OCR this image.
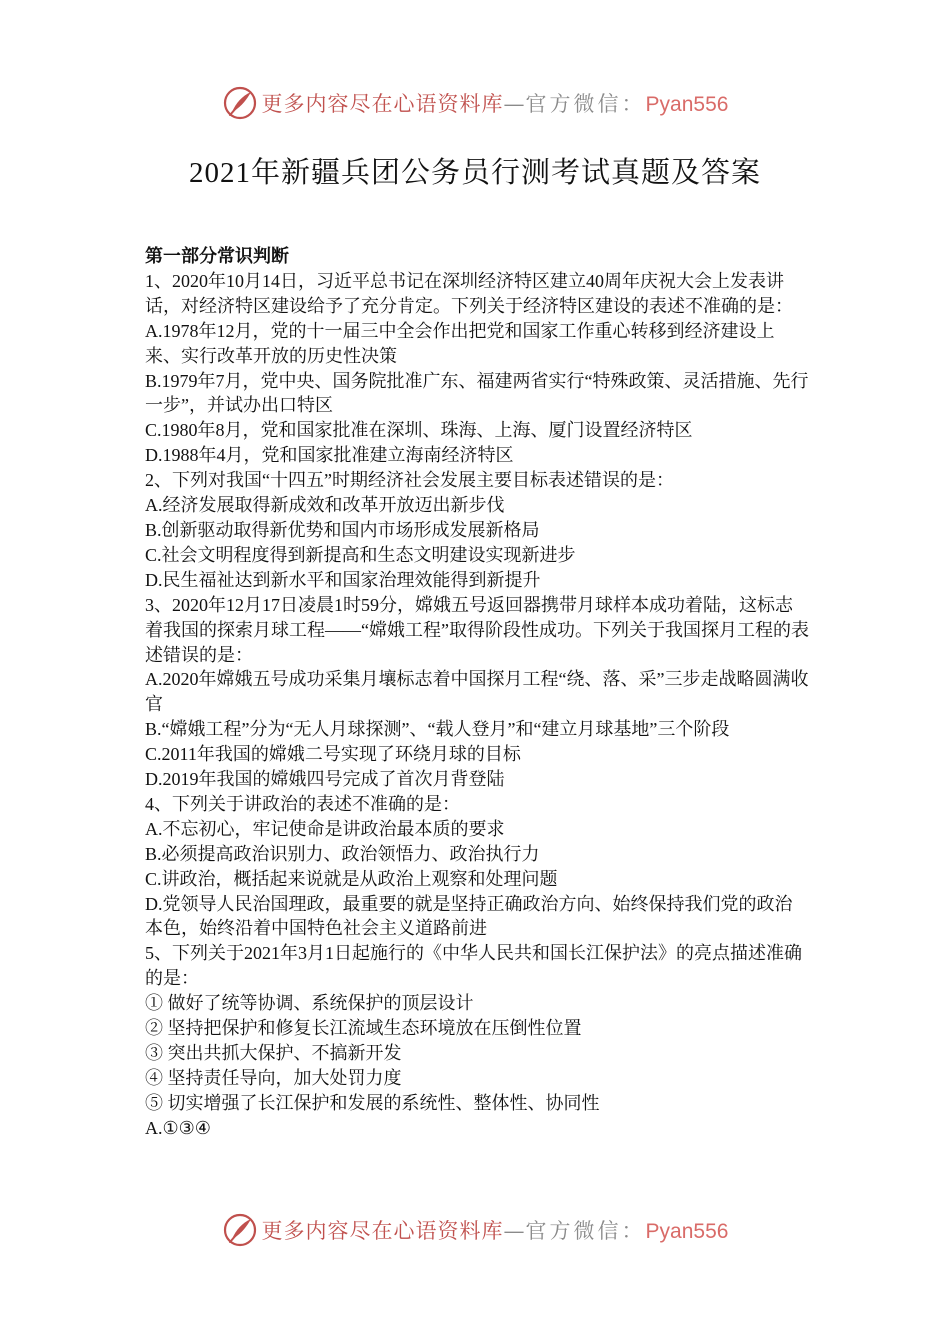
更多内容尽在心语资料库—官方微信：Pyan556
2021年新疆兵团公务员行测考试真题及答案

第一部分常识判断

1、2020年10月14日，习近平总书记在深圳经济特区建立40周年庆祝大会上发表讲话，对经济特区建设给予了充分肯定。下列关于经济特区建设的表述不准确的是：

A.1978年12月，党的十一届三中全会作出把党和国家工作重心转移到经济建设上来、实行改革开放的历史性决策

B.1979年7月，党中央、国务院批准广东、福建两省实行“特殊政策、灵活措施、先行一步”，并试办出口特区

C.1980年8月，党和国家批准在深圳、珠海、上海、厦门设置经济特区

D.1988年4月，党和国家批准建立海南经济特区

2、下列对我国“十四五”时期经济社会发展主要目标表述错误的是：

A.经济发展取得新成效和改革开放迈出新步伐

B.创新驱动取得新优势和国内市场形成发展新格局

C.社会文明程度得到新提高和生态文明建设实现新进步

D.民生福祉达到新水平和国家治理效能得到新提升

3、2020年12月17日凌晨1时59分，嫦娥五号返回器携带月球样本成功着陆，这标志着我国的探索月球工程——“嫦娥工程”取得阶段性成功。下列关于我国探月工程的表述错误的是：

A.2020年嫦娥五号成功采集月壤标志着中国探月工程“绕、落、采”三步走战略圆满收官

B.“嫦娥工程”分为“无人月球探测”、“载人登月”和“建立月球基地”三个阶段

C.2011年我国的嫦娥二号实现了环绕月球的目标

D.2019年我国的嫦娥四号完成了首次月背登陆

4、下列关于讲政治的表述不准确的是：

A.不忘初心，牢记使命是讲政治最本质的要求

B.必须提高政治识别力、政治领悟力、政治执行力

C.讲政治，概括起来说就是从政治上观察和处理问题

D.党领导人民治国理政，最重要的就是坚持正确政治方向、始终保持我们党的政治本色，始终沿着中国特色社会主义道路前进

5、下列关于2021年3月1日起施行的《中华人民共和国长江保护法》的亮点描述准确的是：

① 做好了统等协调、系统保护的顶层设计

② 坚持把保护和修复长江流域生态环境放在压倒性位置

③ 突出共抓大保护、不搞新开发

④ 坚持责任导向，加大处罚力度

⑤ 切实增强了长江保护和发展的系统性、整体性、协同性

A.①③④

更多内容尽在心语资料库—官方微信：Pyan556
